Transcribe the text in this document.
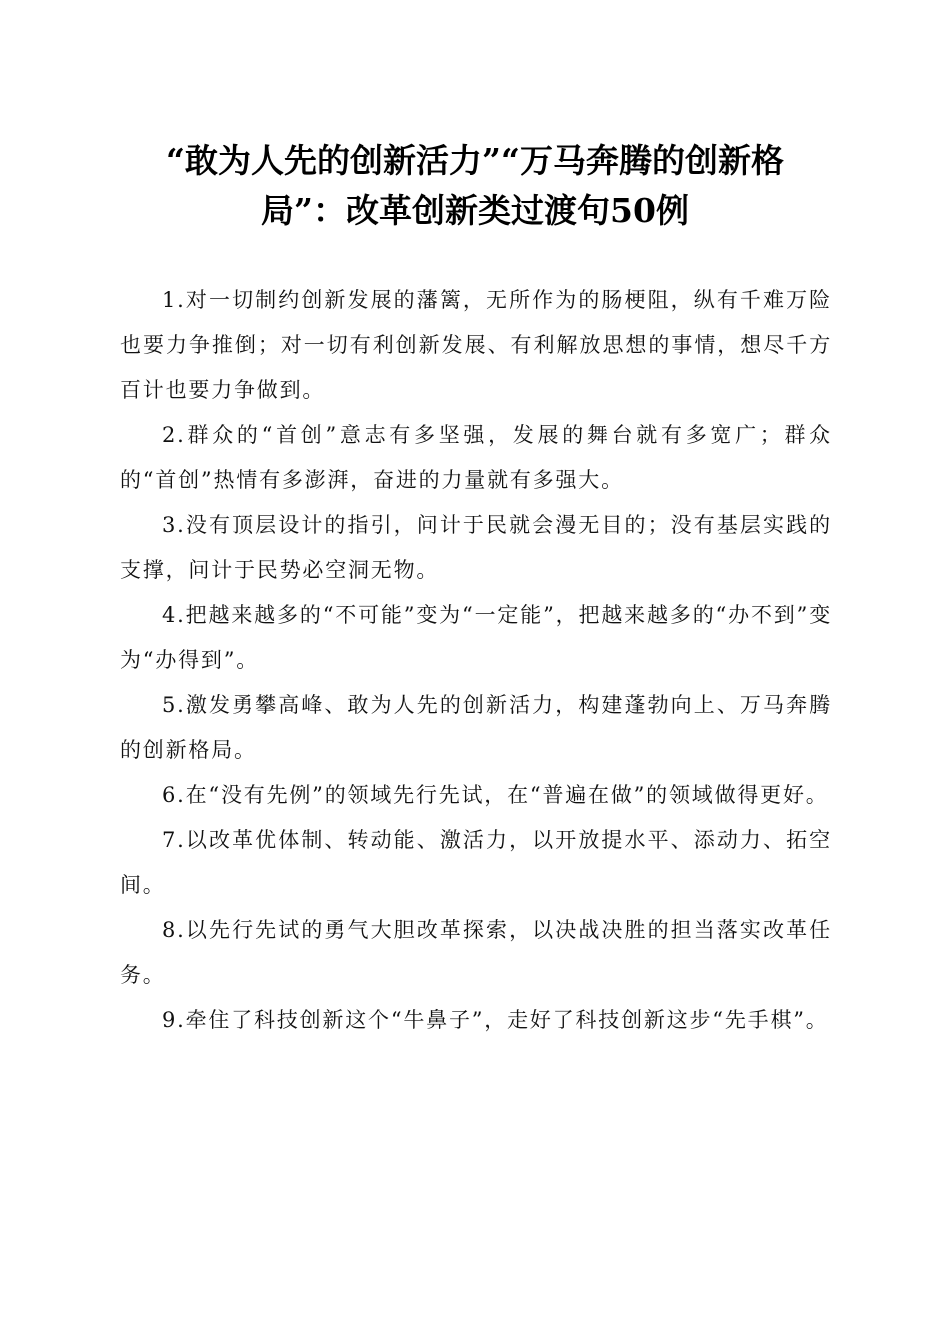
“敢为人先的创新活力”“万马奔腾的创新格
局”：改革创新类过渡句50例
1.对一切制约创新发展的藩篱，无所作为的肠梗阻，纵有千难万险也要力争推倒；对一切有利创新发展、有利解放思想的事情，想尽千方百计也要力争做到。
2.群众的“首创”意志有多坚强，发展的舞台就有多宽广；群众的“首创”热情有多澎湃，奋进的力量就有多强大。
3.没有顶层设计的指引，问计于民就会漫无目的；没有基层实践的支撑，问计于民势必空洞无物。
4.把越来越多的“不可能”变为“一定能”，把越来越多的“办不到”变为“办得到”。
5.激发勇攀高峰、敢为人先的创新活力，构建蓬勃向上、万马奔腾的创新格局。
6.在“没有先例”的领域先行先试，在“普遍在做”的领域做得更好。
7.以改革优体制、转动能、激活力，以开放提水平、添动力、拓空间。
8.以先行先试的勇气大胆改革探索，以决战决胜的担当落实改革任务。
9.牵住了科技创新这个“牛鼻子”，走好了科技创新这步“先手棋”。
